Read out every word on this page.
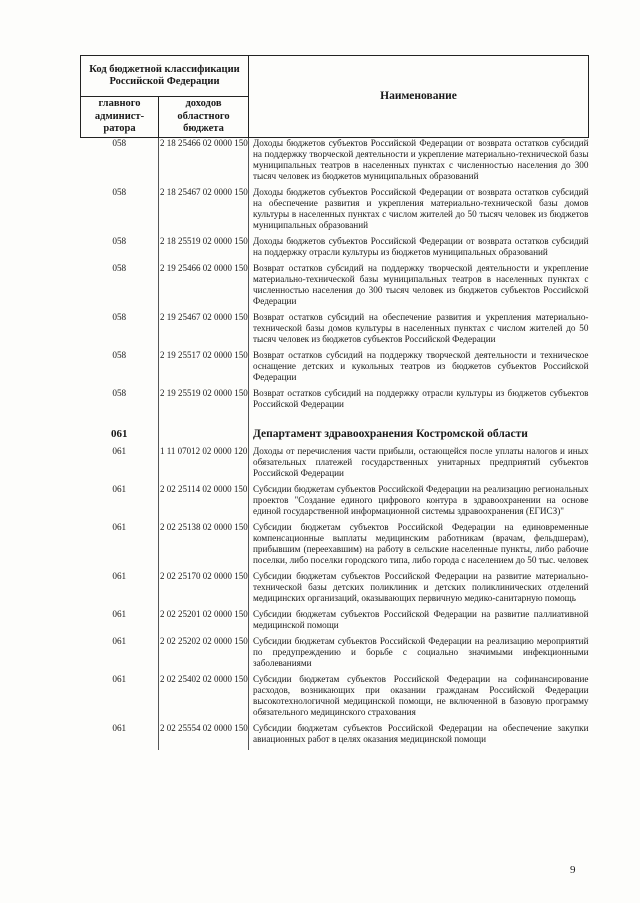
Код бюджетной классификации Российской Федерации		Наименование
главного админист-ратора	доходов областного бюджета	
058	2 18 25466 02 0000 150	Доходы бюджетов субъектов Российской Федерации от возврата остатков субсидий на поддержку творческой деятельности и укрепление материально-технической базы муниципальных театров в населенных пунктах с численностью населения до 300 тысяч человек из бюджетов муниципальных образований
058	2 18 25467 02 0000 150	Доходы бюджетов субъектов Российской Федерации от возврата остатков субсидий на обеспечение развития и укрепления материально-технической базы домов культуры в населенных пунктах с числом жителей до 50 тысяч человек из бюджетов муниципальных образований
058	2 18 25519 02 0000 150	Доходы бюджетов субъектов Российской Федерации от возврата остатков субсидий на поддержку отрасли культуры из бюджетов муниципальных образований
058	2 19 25466 02 0000 150	Возврат остатков субсидий на поддержку творческой деятельности и укрепление материально-технической базы муниципальных театров в населенных пунктах с численностью населения до 300 тысяч человек из бюджетов субъектов Российской Федерации
058	2 19 25467 02 0000 150	Возврат остатков субсидий на обеспечение развития и укрепления материально-технической базы домов культуры в населенных пунктах с числом жителей до 50 тысяч человек из бюджетов субъектов Российской Федерации
058	2 19 25517 02 0000 150	Возврат остатков субсидий на поддержку творческой деятельности и техническое оснащение детских и кукольных театров из бюджетов субъектов Российской Федерации
058	2 19 25519 02 0000 150	Возврат остатков субсидий на поддержку отрасли культуры из бюджетов субъектов Российской Федерации
061		Департамент здравоохранения Костромской области
061	1 11 07012 02 0000 120	Доходы от перечисления части прибыли, остающейся после уплаты налогов и иных обязательных платежей государственных унитарных предприятий субъектов Российской Федерации
061	2 02 25114 02 0000 150	Субсидии бюджетам субъектов Российской Федерации на реализацию региональных проектов "Создание единого цифрового контура в здравоохранении на основе единой государственной информационной системы здравоохранения (ЕГИСЗ)"
061	2 02 25138 02 0000 150	Субсидии бюджетам субъектов Российской Федерации на единовременные компенсационные выплаты медицинским работникам (врачам, фельдшерам), прибывшим (переехавшим) на работу в сельские населенные пункты, либо рабочие поселки, либо поселки городского типа, либо города с населением до 50 тыс. человек
061	2 02 25170 02 0000 150	Субсидии бюджетам субъектов Российской Федерации на развитие материально-технической базы детских поликлиник и детских поликлинических отделений медицинских организаций, оказывающих первичную медико-санитарную помощь
061	2 02 25201 02 0000 150	Субсидии бюджетам субъектов Российской Федерации на развитие паллиативной медицинской помощи
061	2 02 25202 02 0000 150	Субсидии бюджетам субъектов Российской Федерации на реализацию мероприятий по предупреждению и борьбе с социально значимыми инфекционными заболеваниями
061	2 02 25402 02 0000 150	Субсидии бюджетам субъектов Российской Федерации на софинансирование расходов, возникающих при оказании гражданам Российской Федерации высокотехнологичной медицинской помощи, не включенной в базовую программу обязательного медицинского страхования
061	2 02 25554 02 0000 150	Субсидии бюджетам субъектов Российской Федерации на обеспечение закупки авиационных работ в целях оказания медицинской помощи
9
